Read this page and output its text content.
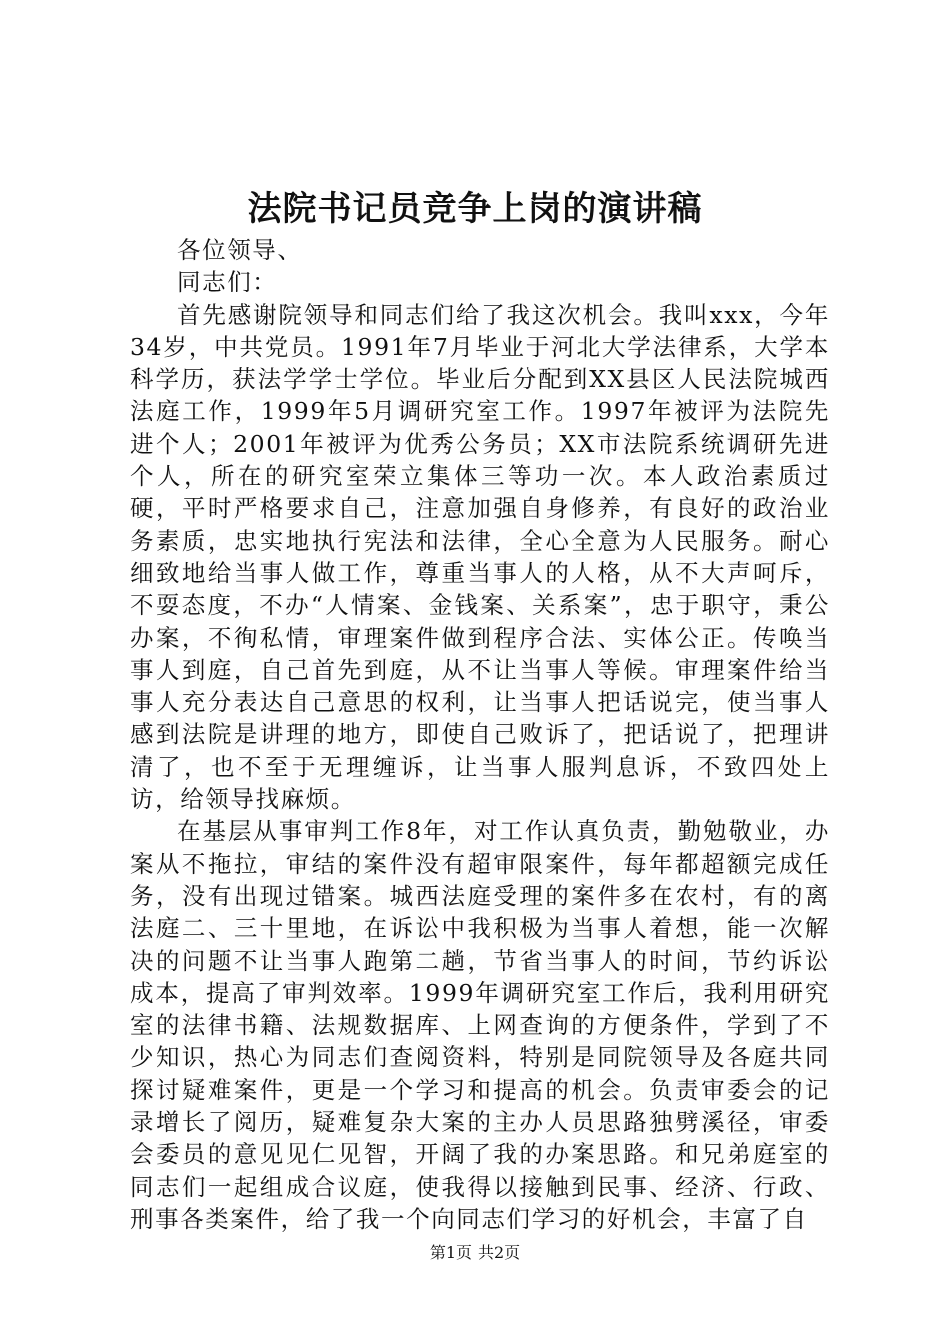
法院书记员竞争上岗的演讲稿

各位领导、

同志们：

首先感谢院领导和同志们给了我这次机会。我叫xxx，今年34岁，中共党员。1991年7月毕业于河北大学法律系，大学本科学历，获法学学士学位。毕业后分配到XX县区人民法院城西法庭工作，1999年5月调研究室工作。1997年被评为法院先进个人；2001年被评为优秀公务员；XX市法院系统调研先进个人，所在的研究室荣立集体三等功一次。本人政治素质过硬，平时严格要求自己，注意加强自身修养，有良好的政治业务素质，忠实地执行宪法和法律，全心全意为人民服务。耐心细致地给当事人做工作，尊重当事人的人格，从不大声呵斥，不耍态度，不办“人情案、金钱案、关系案”，忠于职守，秉公办案，不徇私情，审理案件做到程序合法、实体公正。传唤当事人到庭，自己首先到庭，从不让当事人等候。审理案件给当事人充分表达自己意思的权利，让当事人把话说完，使当事人感到法院是讲理的地方，即使自己败诉了，把话说了，把理讲清了，也不至于无理缠诉，让当事人服判息诉，不致四处上访，给领导找麻烦。

在基层从事审判工作8年，对工作认真负责，勤勉敬业，办案从不拖拉，审结的案件没有超审限案件，每年都超额完成任务，没有出现过错案。城西法庭受理的案件多在农村，有的离法庭二、三十里地，在诉讼中我积极为当事人着想，能一次解决的问题不让当事人跑第二趟，节省当事人的时间，节约诉讼成本，提高了审判效率。1999年调研究室工作后，我利用研究室的法律书籍、法规数据库、上网查询的方便条件，学到了不少知识，热心为同志们查阅资料，特别是同院领导及各庭共同探讨疑难案件，更是一个学习和提高的机会。负责审委会的记录增长了阅历，疑难复杂大案的主办人员思路独劈溪径，审委会委员的意见见仁见智，开阔了我的办案思路。和兄弟庭室的同志们一起组成合议庭，使我得以接触到民事、经济、行政、刑事各类案件，给了我一个向同志们学习的好机会，丰富了自

第1页 共2页
